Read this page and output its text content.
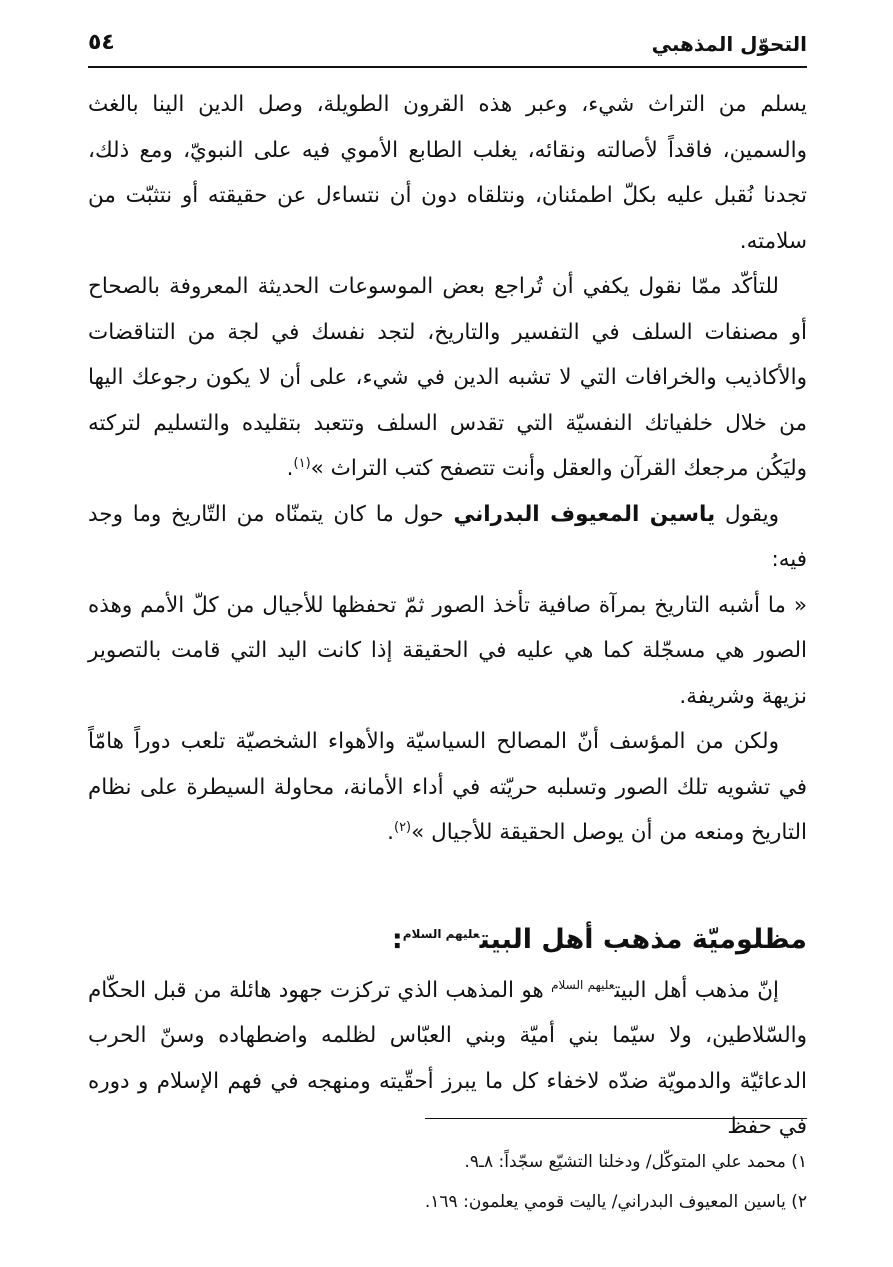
التحوّل المذهبي
٥٤

يسلم من التراث شيء، وعبر هذه القرون الطويلة، وصل الدين الينا بالغث والسمين، فاقداً لأصالته ونقائه، يغلب الطابع الأموي فيه على النبويّ، ومع ذلك، تجدنا نُقبل عليه بكلّ اطمئنان، ونتلقاه دون أن نتساءل عن حقيقته أو نتثبّت من سلامته.

للتأكّد ممّا نقول يكفي أن تُراجع بعض الموسوعات الحديثة المعروفة بالصحاح أو مصنفات السلف في التفسير والتاريخ، لتجد نفسك في لجة من التناقضات والأكاذيب والخرافات التي لا تشبه الدين في شيء، على أن لا يكون رجوعك اليها من خلال خلفياتك النفسيّة التي تقدس السلف وتتعبد بتقليده والتسليم لتركته وليَكُن مرجعك القرآن والعقل وأنت تتصفح كتب التراث »$^{(١)}$.

ويقول ياسين المعيوف البدراني حول ما كان يتمنّاه من التّاريخ وما وجد فيه:

« ما أشبه التاريخ بمرآة صافية تأخذ الصور ثمّ تحفظها للأجيال من كلّ الأمم وهذه الصور هي مسجّلة كما هي عليه في الحقيقة إذا كانت اليد التي قامت بالتصوير نزيهة وشريفة.

ولكن من المؤسف أنّ المصالح السياسيّة والأهواء الشخصيّة تلعب دوراً هامّاً في تشويه تلك الصور وتسلبه حريّته في أداء الأمانة، محاولة السيطرة على نظام التاريخ ومنعه من أن يوصل الحقيقة للأجيال »$^{(٢)}$.

مظلوميّة مذهب أهل البيت$^{عليهم السلام}$:

إنّ مذهب أهل البيت$^{عليهم السلام}$ هو المذهب الذي تركزت جهود هائلة من قبل الحكّام والسّلاطين، ولا سيّما بني أميّة وبني العبّاس لظلمه واضطهاده وسنّ الحرب الدعائيّة والدمويّة ضدّه لاخفاء كل ما يبرز أحقّيته ومنهجه في فهم الإسلام و دوره في حفظ

١) محمد علي المتوكّل/ ودخلنا التشيّع سجّداً: ٨ـ٩.

٢) ياسين المعيوف البدراني/ ياليت قومي يعلمون: ١٦٩.
